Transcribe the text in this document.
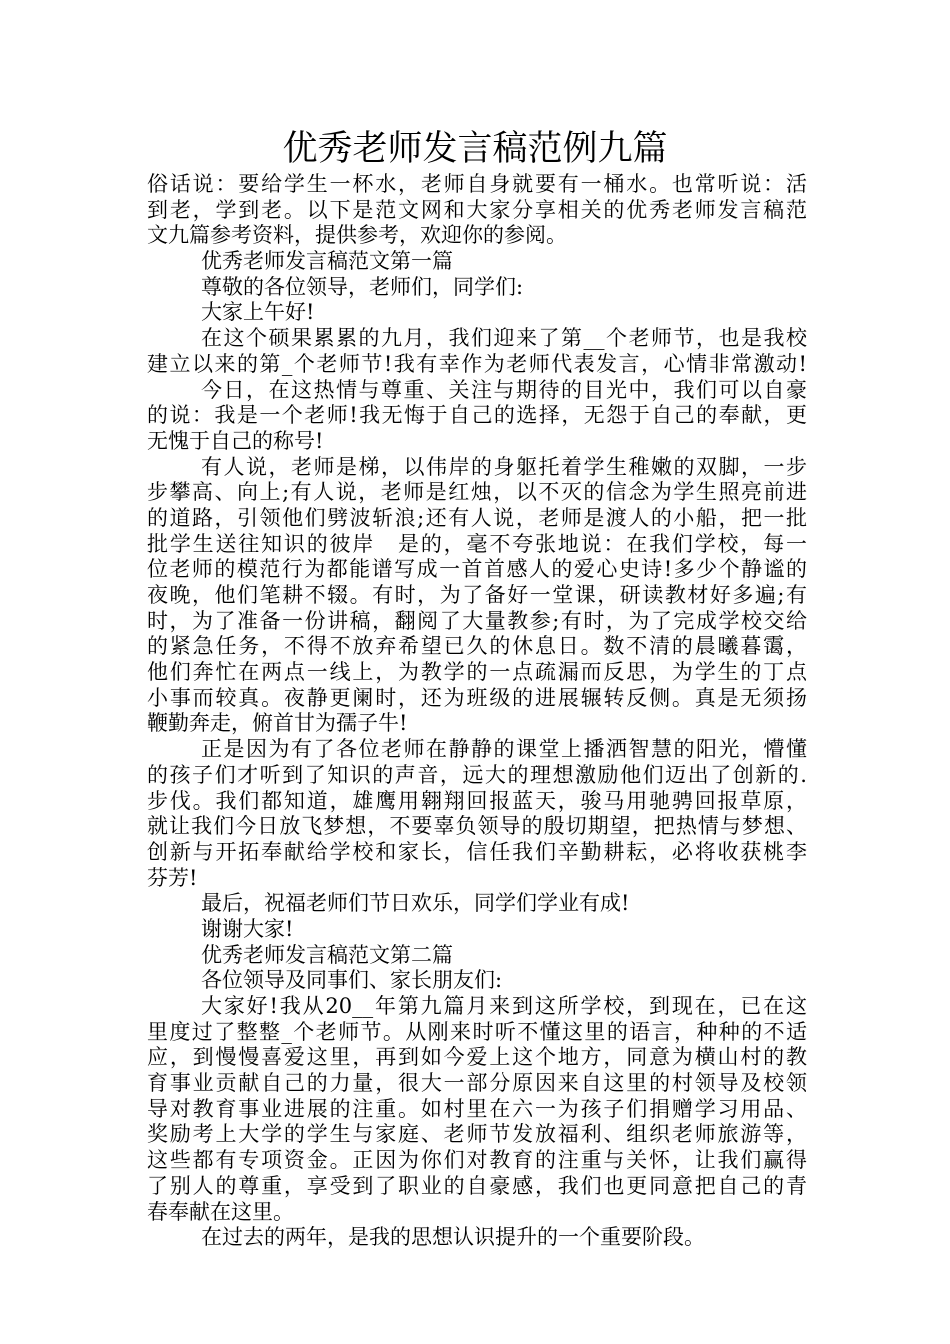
优秀老师发言稿范例九篇
俗话说：要给学生一杯水，老师自身就要有一桶水。也常听说：活
到老，学到老。以下是范文网和大家分享相关的优秀老师发言稿范
文九篇参考资料，提供参考，欢迎你的参阅。
优秀老师发言稿范文第一篇
尊敬的各位领导，老师们，同学们:
大家上午好!
在这个硕果累累的九月，我们迎来了第__个老师节，也是我校
建立以来的第_个老师节!我有幸作为老师代表发言，心情非常激动!
今日，在这热情与尊重、关注与期待的目光中，我们可以自豪
的说：我是一个老师!我无悔于自己的选择，无怨于自己的奉献，更
无愧于自己的称号!
有人说，老师是梯，以伟岸的身躯托着学生稚嫩的双脚，一步
步攀高、向上;有人说，老师是红烛，以不灭的信念为学生照亮前进
的道路，引领他们劈波斩浪;还有人说，老师是渡人的小船，把一批
批学生送往知识的彼岸　是的，毫不夸张地说：在我们学校，每一
位老师的模范行为都能谱写成一首首感人的爱心史诗!多少个静谧的
夜晚，他们笔耕不辍。有时，为了备好一堂课，研读教材好多遍;有
时，为了准备一份讲稿，翻阅了大量教参;有时，为了完成学校交给
的紧急任务，不得不放弃希望已久的休息日。数不清的晨曦暮霭，
他们奔忙在两点一线上，为教学的一点疏漏而反思，为学生的丁点
小事而较真。夜静更阑时，还为班级的进展辗转反侧。真是无须扬
鞭勤奔走，俯首甘为孺子牛!
正是因为有了各位老师在静静的课堂上播洒智慧的阳光，懵懂
的孩子们才听到了知识的声音，远大的理想激励他们迈出了创新的.
步伐。我们都知道，雄鹰用翱翔回报蓝天，骏马用驰骋回报草原，
就让我们今日放飞梦想，不要辜负领导的殷切期望，把热情与梦想、
创新与开拓奉献给学校和家长，信任我们辛勤耕耘，必将收获桃李
芬芳!
最后，祝福老师们节日欢乐，同学们学业有成!
谢谢大家!
优秀老师发言稿范文第二篇
各位领导及同事们、家长朋友们:
大家好!我从20__年第九篇月来到这所学校，到现在，已在这
里度过了整整_个老师节。从刚来时听不懂这里的语言，种种的不适
应，到慢慢喜爱这里，再到如今爱上这个地方，同意为横山村的教
育事业贡献自己的力量，很大一部分原因来自这里的村领导及校领
导对教育事业进展的注重。如村里在六一为孩子们捐赠学习用品、
奖励考上大学的学生与家庭、老师节发放福利、组织老师旅游等，
这些都有专项资金。正因为你们对教育的注重与关怀，让我们赢得
了别人的尊重，享受到了职业的自豪感，我们也更同意把自己的青
春奉献在这里。
在过去的两年，是我的思想认识提升的一个重要阶段。
